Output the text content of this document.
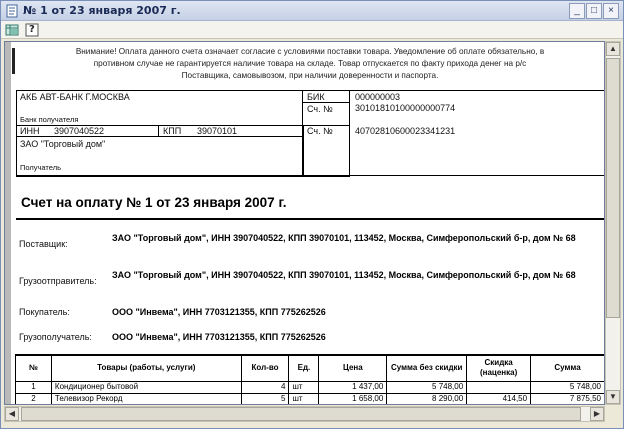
№ 1 от 23 января 2007 г.	_ □ ×
?
Внимание! Оплата данного счета означает согласие с условиями поставки товара. Уведомление об оплате обязательно, в противном случае не гарантируется наличие товара на складе. Товар отпускается по факту прихода денег на р/с Поставщика, самовывозом, при наличии доверенности и паспорта.
АКБ АВТ-БАНК Г.МОСКВА
Банк получателя
БИК	000000003
Сч. № 30101810100000000774
ИНН 3907040522	КПП 39070101	Сч. № 40702810600023341231
ЗАО "Торговый дом"
Получатель
Счет на оплату № 1 от 23 января 2007 г.
Поставщик:
ЗАО "Торговый дом", ИНН 3907040522, КПП 39070101, 113452, Москва, Симферопольский б-р, дом № 68
Грузоотправитель:
ЗАО "Торговый дом", ИНН 3907040522, КПП 39070101, 113452, Москва, Симферопольский б-р, дом № 68
Покупатель:	ООО "Инвема", ИНН 7703121355, КПП 775262526
Грузополучатель: ООО "Инвема", ИНН 7703121355, КПП 775262526
№	Товары (работы, услуги)	Кол-во	Ед.	Цена	Сумма без скидки	Скидка (наценка)	Сумма
1	Кондиционер бытовой	4	шт	1 437,00	5 748,00		5 748,00
2	Телевизор Рекорд	5	шт	1 658,00	8 290,00	414,50	7 875,50
▲
▼
◀	▶
